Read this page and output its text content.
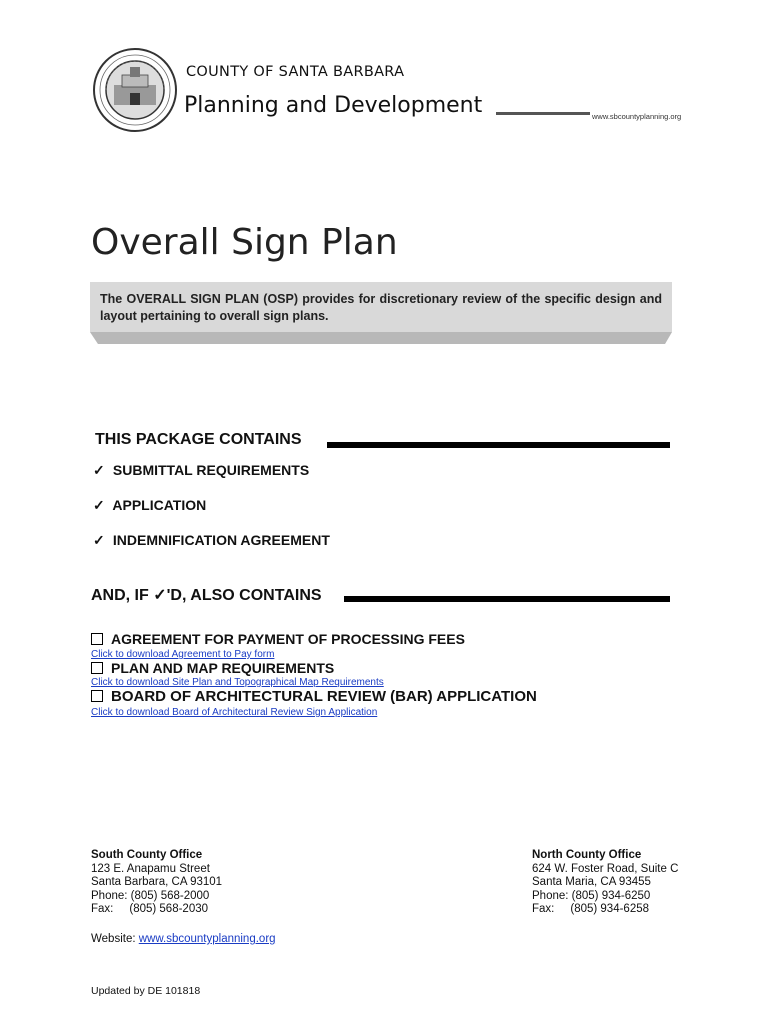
COUNTY OF SANTA BARBARA
Planning and Development	www.sbcountyplanning.org
Overall Sign Plan
The OVERALL SIGN PLAN (OSP) provides for discretionary review of the specific design and layout pertaining to overall sign plans.
THIS PACKAGE CONTAINS
✓ SUBMITTAL REQUIREMENTS
✓ APPLICATION
✓ INDEMNIFICATION AGREEMENT
AND, IF ✓'D, ALSO CONTAINS
AGREEMENT FOR PAYMENT OF PROCESSING FEES
Click to download Agreement to Pay form
PLAN AND MAP REQUIREMENTS
Click to download Site Plan and Topographical Map Requirements
BOARD OF ARCHITECTURAL REVIEW (BAR) APPLICATION
Click to download Board of Architectural Review Sign Application
South County Office
123 E. Anapamu Street
Santa Barbara, CA 93101
Phone: (805) 568-2000
Fax: (805) 568-2030
North County Office
624 W. Foster Road, Suite C
Santa Maria, CA 93455
Phone: (805) 934-6250
Fax: (805) 934-6258
Website: www.sbcountyplanning.org
Updated by DE 101818
